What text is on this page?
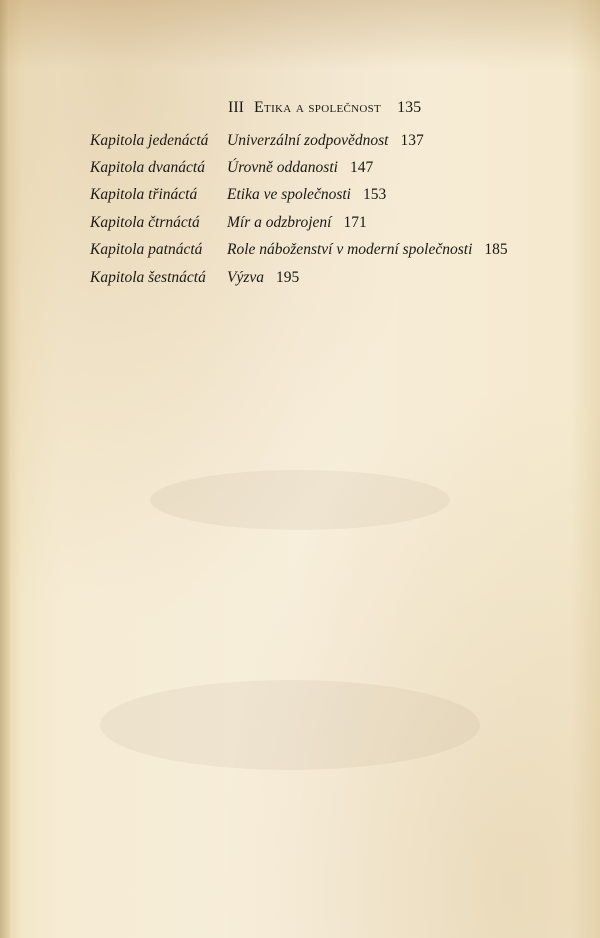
III Etika a společnost 135
Kapitola jedenáctá Univerzální zodpovědnost 137
Kapitola dvanáctá Úrovně oddanosti 147
Kapitola třináctá Etika ve společnosti 153
Kapitola čtrnáctá Mír a odzbrojení 171
Kapitola patnáctá Role náboženství v moderní společnosti 185
Kapitola šestnáctá Výzva 195
